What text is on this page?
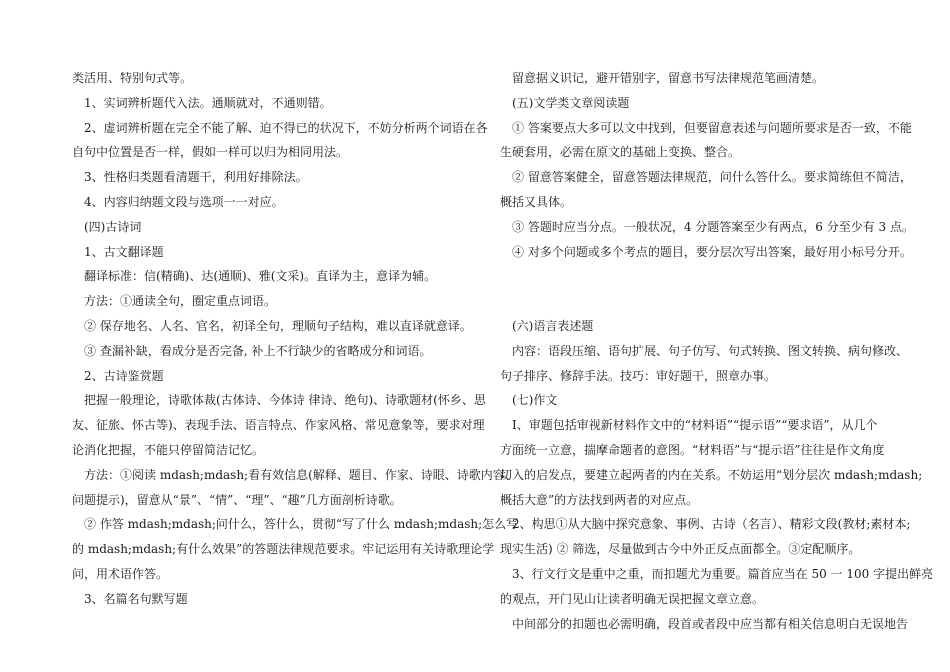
类活用、特别句式等。
　1、实词辨析题代入法。通顺就对，不通则错。
　2、虚词辨析题在完全不能了解、迫不得已的状况下，不妨分析两个词语在各
自句中位置是否一样，假如一样可以归为相同用法。
　3、性格归类题看清题干，利用好排除法。
　4、内容归纳题文段与选项一一对应。
　(四)古诗词
　1、古文翻译题
　翻译标准：信(精确)、达(通顺)、雅(文采)。直译为主，意译为辅。
　方法：①通读全句，圈定重点词语。
　② 保存地名、人名、官名，初译全句，理顺句子结构，难以直译就意译。
　③ 查漏补缺，看成分是否完备, 补上不行缺少的省略成分和词语。
　2、古诗鉴赏题
　把握一般理论，诗歌体裁(古体诗、今体诗 律诗、绝句)、诗歌题材(怀乡、思
友、征旅、怀古等)、表现手法、语言特点、作家风格、常见意象等，要求对理
论消化把握，不能只停留简洁记忆。
　方法：①阅读 mdash;mdash;看有效信息(解释、题目、作家、诗眼、诗歌内容、
问题提示)，留意从“景”、“情”、“理”、“趣”几方面剖析诗歌。
　② 作答 mdash;mdash;问什么，答什么，贯彻“写了什么 mdash;mdash;怎么写
的 mdash;mdash;有什么效果”的答题法律规范要求。牢记运用有关诗歌理论学
问，用术语作答。
　3、名篇名句默写题
　留意据义识记，避开错别字，留意书写法律规范笔画清楚。
　(五)文学类文章阅读题
　① 答案要点大多可以文中找到，但要留意表述与问题所要求是否一致，不能
生硬套用，必需在原文的基础上变换、整合。
　② 留意答案健全，留意答题法律规范，问什么答什么。要求简练但不简洁，
概括又具体。
　③ 答题时应当分点。一般状况，4 分题答案至少有两点，6 分至少有 3 点。
　④ 对多个问题或多个考点的题目，要分层次写出答案，最好用小标号分开。
　(六)语言表述题
　内容：语段压缩、语句扩展、句子仿写、句式转换、图文转换、病句修改、
句子排序、修辞手法。技巧：审好题干，照章办事。
　(七)作文
　Ⅰ、审题包括审视新材料作文中的“材料语”“提示语”“要求语”，从几个
方面统一立意，揣摩命题者的意图。“材料语”与“提示语”往往是作文角度
切入的启发点，要建立起两者的内在关系。不妨运用“划分层次 mdash;mdash;
概括大意”的方法找到两者的对应点。
　2、构思①从大脑中探究意象、事例、古诗（名言）、精彩文段(教材;素材本;
现实生活) ② 筛选，尽量做到古今中外正反点面都全。③定配顺序。
　3、行文行文是重中之重，而扣题尤为重要。篇首应当在 50 一 100 字提出鲜亮
的观点，开门见山让读者明确无误把握文章立意。
　中间部分的扣题也必需明确，段首或者段中应当都有相关信息明白无误地告
